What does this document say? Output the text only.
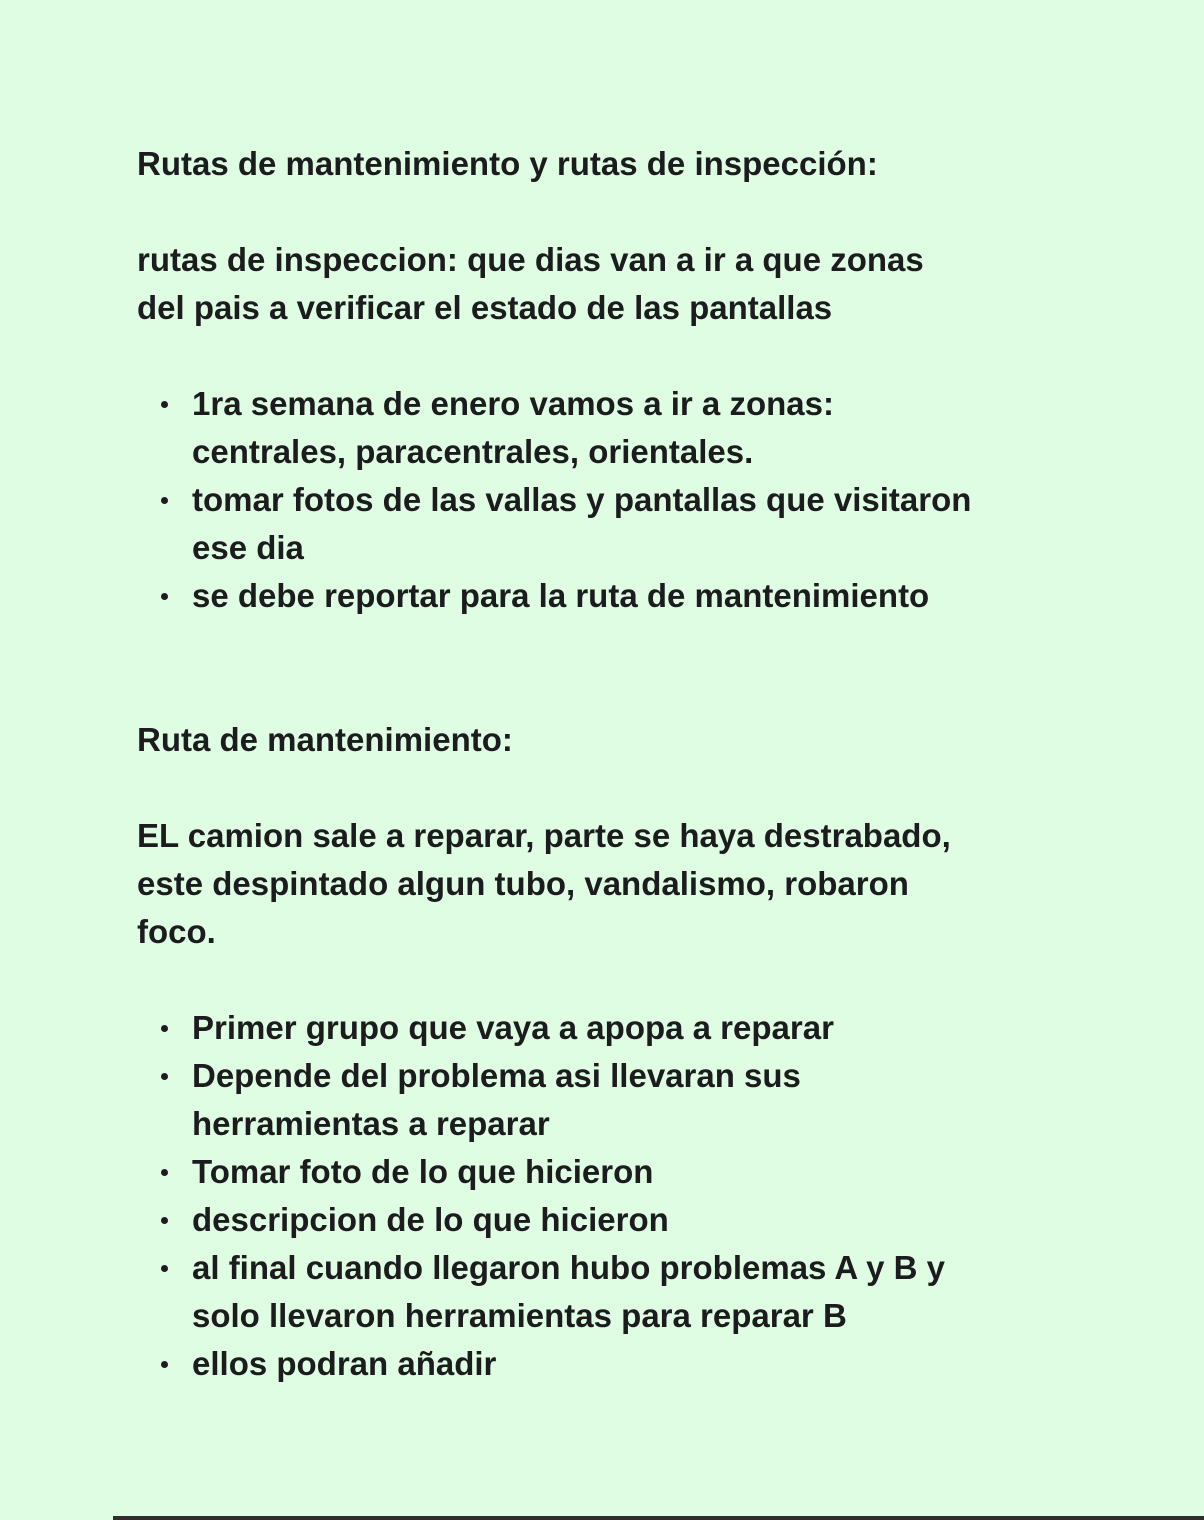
Rutas de mantenimiento y rutas de inspección:

rutas de inspeccion: que dias van a ir a que zonas del pais a verificar el estado de las pantallas

1ra semana de enero vamos a ir a zonas: centrales, paracentrales, orientales.
tomar fotos de las vallas y pantallas que visitaron ese dia
se debe reportar para la ruta de mantenimiento
Ruta de mantenimiento:

EL camion sale a reparar, parte se haya destrabado, este despintado algun tubo, vandalismo, robaron foco.

Primer grupo que vaya a apopa a reparar
Depende del problema asi llevaran sus herramientas a reparar
Tomar foto de lo que hicieron
descripcion de lo que hicieron
al final cuando llegaron hubo problemas A y B y solo llevaron herramientas para reparar B
ellos podran añadir
